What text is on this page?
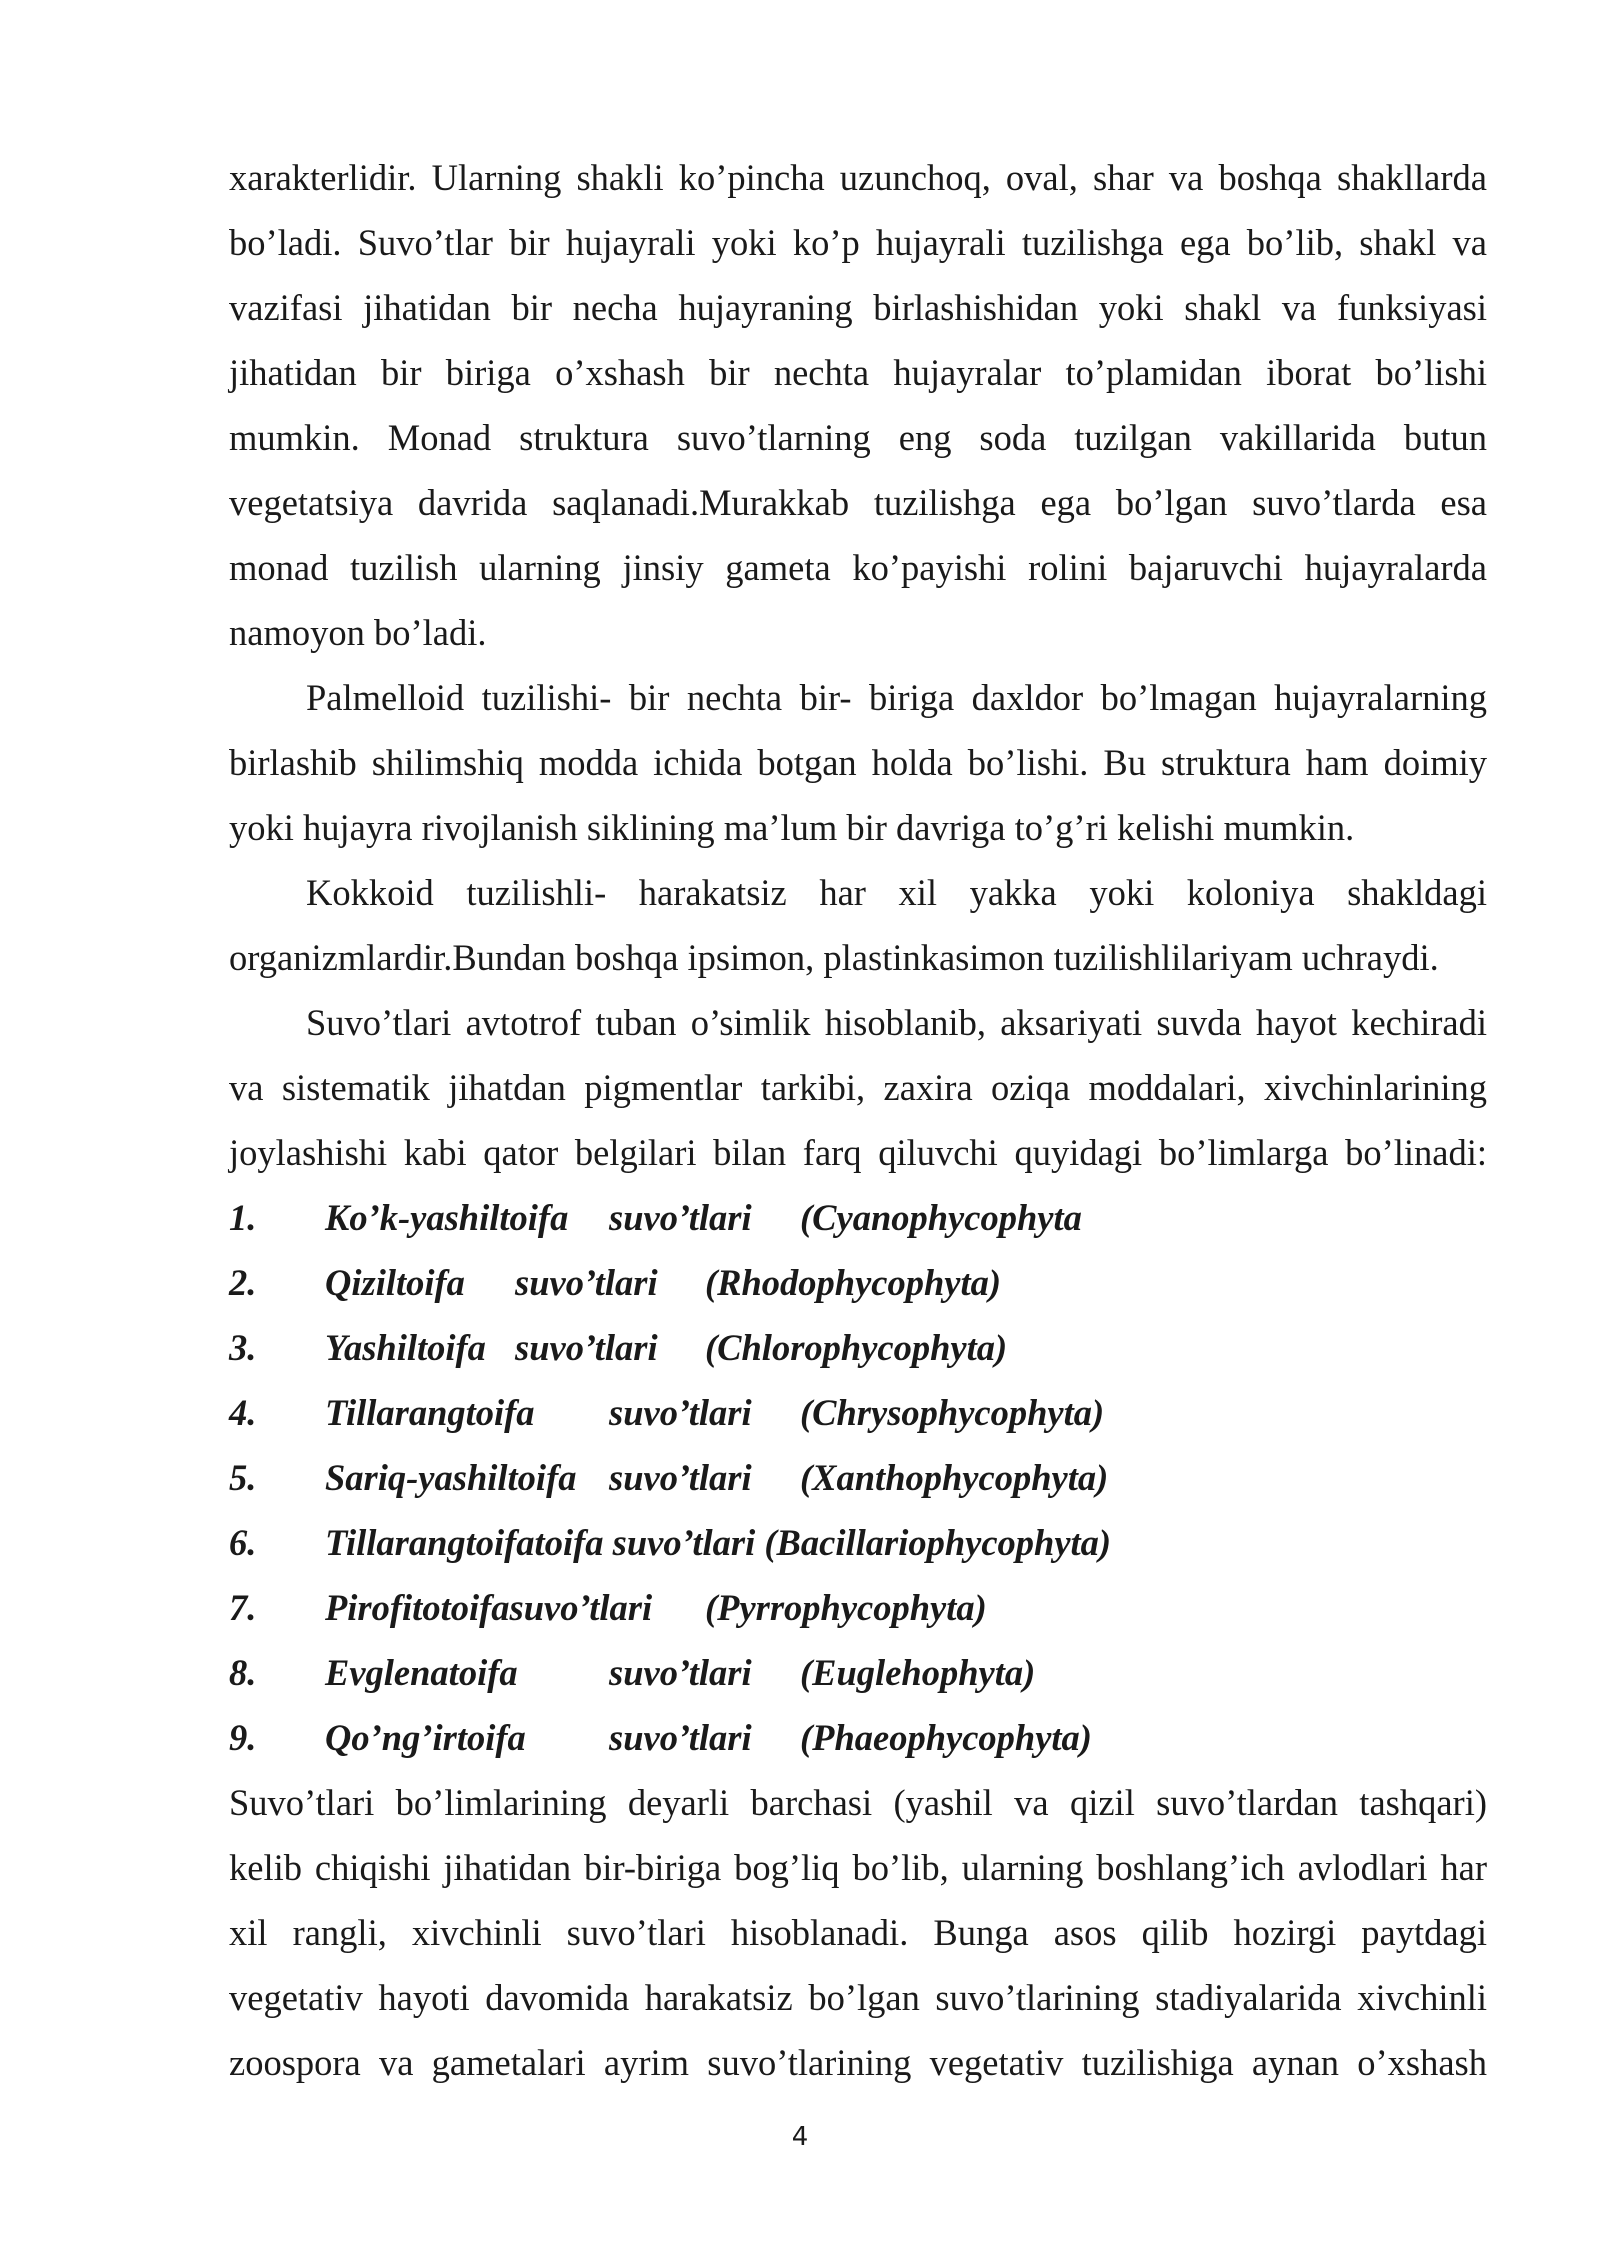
xarakterlidir. Ularning shakli ko’pincha uzunchoq, oval, shar va boshqa shakllarda
bo’ladi. Suvo’tlar bir hujayrali yoki ko’p hujayrali tuzilishga ega bo’lib, shakl va
vazifasi jihatidan bir necha hujayraning birlashishidan yoki shakl va funksiyasi
jihatidan bir biriga o’xshash bir nechta hujayralar to’plamidan iborat bo’lishi
mumkin. Monad struktura suvo’tlarning eng soda tuzilgan vakillarida butun
vegetatsiya davrida saqlanadi.Murakkab tuzilishga ega bo’lgan suvo’tlarda esa
monad tuzilish ularning jinsiy gameta ko’payishi rolini bajaruvchi hujayralarda
namoyon bo’ladi.
Palmelloid tuzilishi- bir nechta bir- biriga daxldor bo’lmagan hujayralarning
birlashib shilimshiq modda ichida botgan holda bo’lishi. Bu struktura ham doimiy
yoki hujayra rivojlanish siklining ma’lum bir davriga to’g’ri kelishi mumkin.
Kokkoid tuzilishli- harakatsiz har xil yakka yoki koloniya shakldagi
organizmlardir.Bundan boshqa ipsimon, plastinkasimon tuzilishlilariyam uchraydi.
Suvo’tlari avtotrof tuban o’simlik hisoblanib, aksariyati suvda hayot kechiradi
va sistematik jihatdan pigmentlar tarkibi, zaxira oziqa moddalari, xivchinlarining
joylashishi kabi qator belgilari bilan farq qiluvchi quyidagi bo’limlarga bo’linadi:
1. Ko’k-yashiltoifa suvo’tlari (Cyanophycophyta
2. Qiziltoifa suvo’tlari (Rhodophycophyta)
3. Yashiltoifa suvo’tlari (Chlorophycophyta)
4. Tillarangtoifa suvo’tlari (Chrysophycophyta)
5. Sariq-yashiltoifa suvo’tlari (Xanthophycophyta)
6. Tillarangtoifatoifa suvo’tlari (Bacillariophycophyta)
7. Pirofitotoifasuvo’tlari (Pyrrophycophyta)
8. Evglenatoifa	suvo’tlari (Euglehophyta)
9. Qo’ng’irtoifa suvo’tlari (Phaeophycophyta)
Suvo’tlari bo’limlarining deyarli barchasi (yashil va qizil suvo’tlardan tashqari)
kelib chiqishi jihatidan bir-biriga bog’liq bo’lib, ularning boshlang’ich avlodlari har
xil rangli, xivchinli suvo’tlari hisoblanadi. Bunga asos qilib hozirgi paytdagi
vegetativ hayoti davomida harakatsiz bo’lgan suvo’tlarining stadiyalarida xivchinli
zoospora va gametalari ayrim suvo’tlarining vegetativ tuzilishiga aynan o’xshash
4
